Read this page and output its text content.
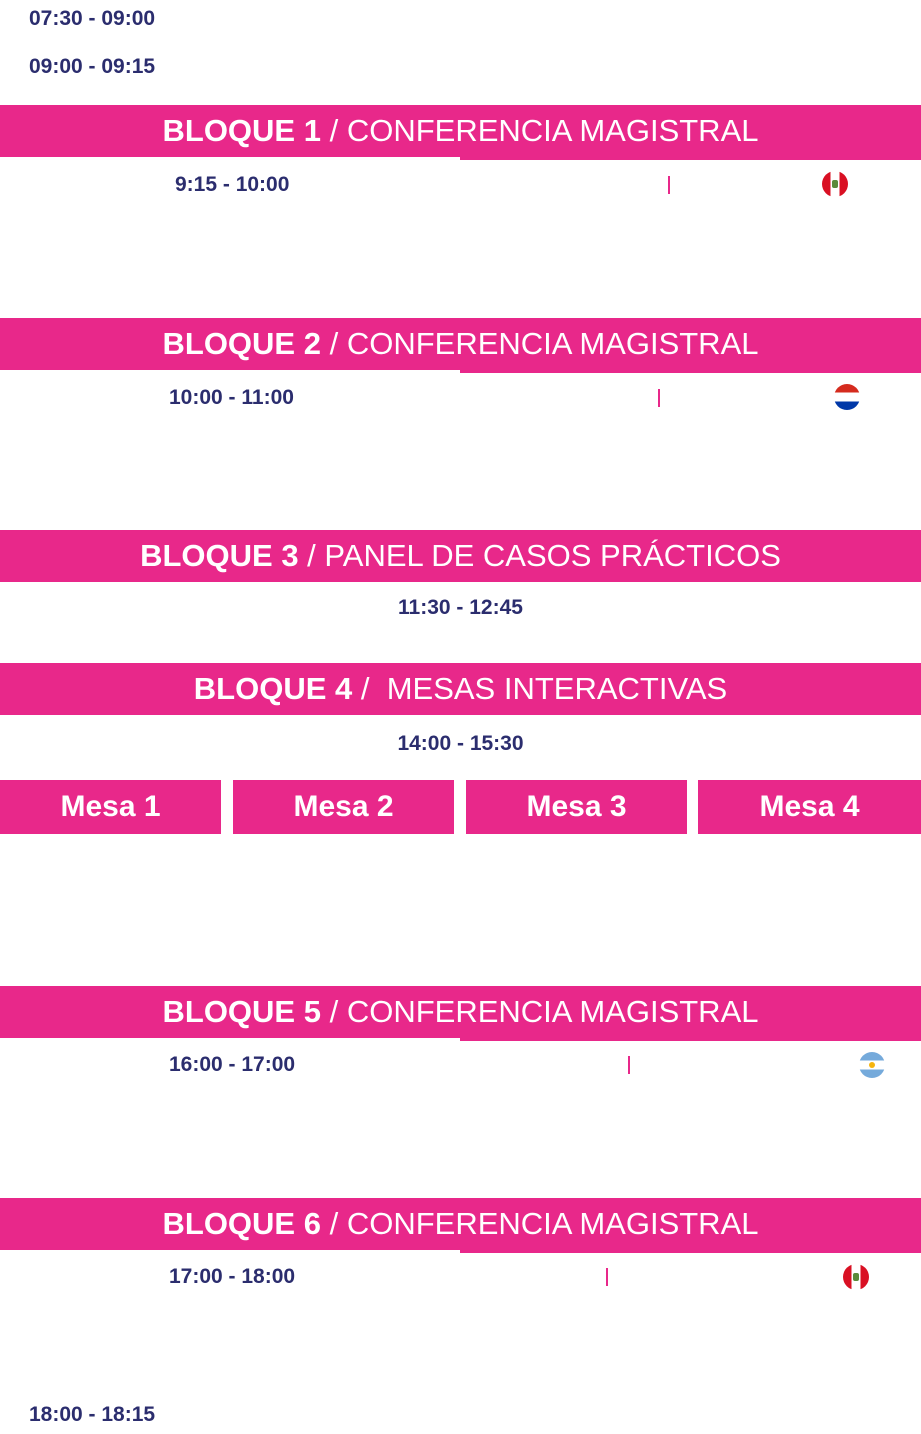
07:30 - 09:00
09:00 - 09:15
BLOQUE 1 / CONFERENCIA MAGISTRAL
9:15 - 10:00
BLOQUE 2 / CONFERENCIA MAGISTRAL
10:00 - 11:00
BLOQUE 3 / PANEL DE CASOS PRÁCTICOS
11:30 - 12:45
BLOQUE 4 /  MESAS INTERACTIVAS
14:00 - 15:30
Mesa 1	Mesa 2	Mesa 3	Mesa 4
BLOQUE 5 / CONFERENCIA MAGISTRAL
16:00 - 17:00
BLOQUE 6 / CONFERENCIA MAGISTRAL
17:00 - 18:00
18:00 - 18:15
